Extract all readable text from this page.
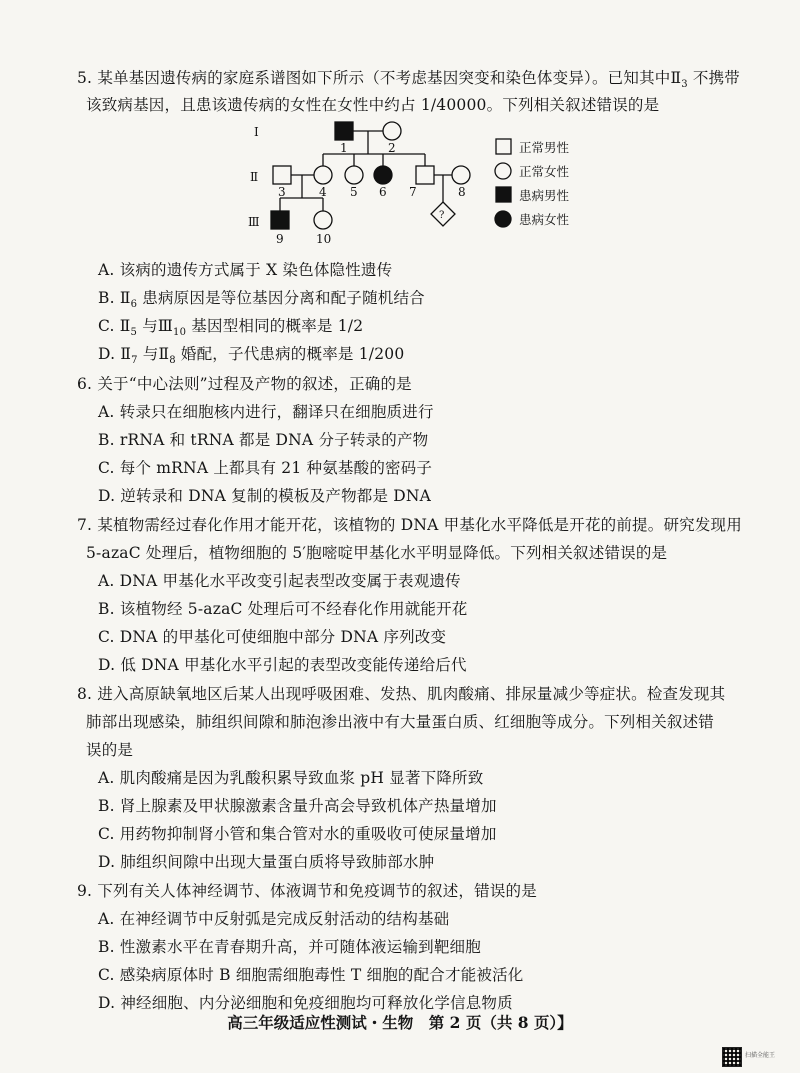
5. 某单基因遗传病的家庭系谱图如下所示（不考虑基因突变和染色体变异）。已知其中$Ⅱ_3$ 不携带
该致病基因，且患该遗传病的女性在女性中约占 1/40000。下列相关叙述错误的是
Ⅰ
Ⅱ
Ⅲ
1	2
3	4 5 6 7	8
9	10
?
正常男性
正常女性
患病男性
患病女性
A. 该病的遗传方式属于 X 染色体隐性遗传
B. $Ⅱ_6$ 患病原因是等位基因分离和配子随机结合
C. $Ⅱ_5$ 与$Ⅲ_{10}$ 基因型相同的概率是 1/2
D. $Ⅱ_7$ 与$Ⅱ_8$ 婚配，子代患病的概率是 1/200
6. 关于“中心法则”过程及产物的叙述，正确的是
A. 转录只在细胞核内进行，翻译只在细胞质进行
B. rRNA 和 tRNA 都是 DNA 分子转录的产物
C. 每个 mRNA 上都具有 21 种氨基酸的密码子
D. 逆转录和 DNA 复制的模板及产物都是 DNA
7. 某植物需经过春化作用才能开花，该植物的 DNA 甲基化水平降低是开花的前提。研究发现用
5-azaC 处理后，植物细胞的 5′胞嘧啶甲基化水平明显降低。下列相关叙述错误的是
A. DNA 甲基化水平改变引起表型改变属于表观遗传
B. 该植物经 5-azaC 处理后可不经春化作用就能开花
C. DNA 的甲基化可使细胞中部分 DNA 序列改变
D. 低 DNA 甲基化水平引起的表型改变能传递给后代
8. 进入高原缺氧地区后某人出现呼吸困难、发热、肌肉酸痛、排尿量减少等症状。检查发现其
肺部出现感染，肺组织间隙和肺泡渗出液中有大量蛋白质、红细胞等成分。下列相关叙述错
误的是
A. 肌肉酸痛是因为乳酸积累导致血浆 pH 显著下降所致
B. 肾上腺素及甲状腺激素含量升高会导致机体产热量增加
C. 用药物抑制肾小管和集合管对水的重吸收可使尿量增加
D. 肺组织间隙中出现大量蛋白质将导致肺部水肿
9. 下列有关人体神经调节、体液调节和免疫调节的叙述，错误的是
A. 在神经调节中反射弧是完成反射活动的结构基础
B. 性激素水平在青春期升高，并可随体液运输到靶细胞
C. 感染病原体时 B 细胞需细胞毒性 T 细胞的配合才能被活化
D. 神经细胞、内分泌细胞和免疫细胞均可释放化学信息物质
高三年级适应性测试・生物　第 2 页（共 8 页）】
扫描全能王
